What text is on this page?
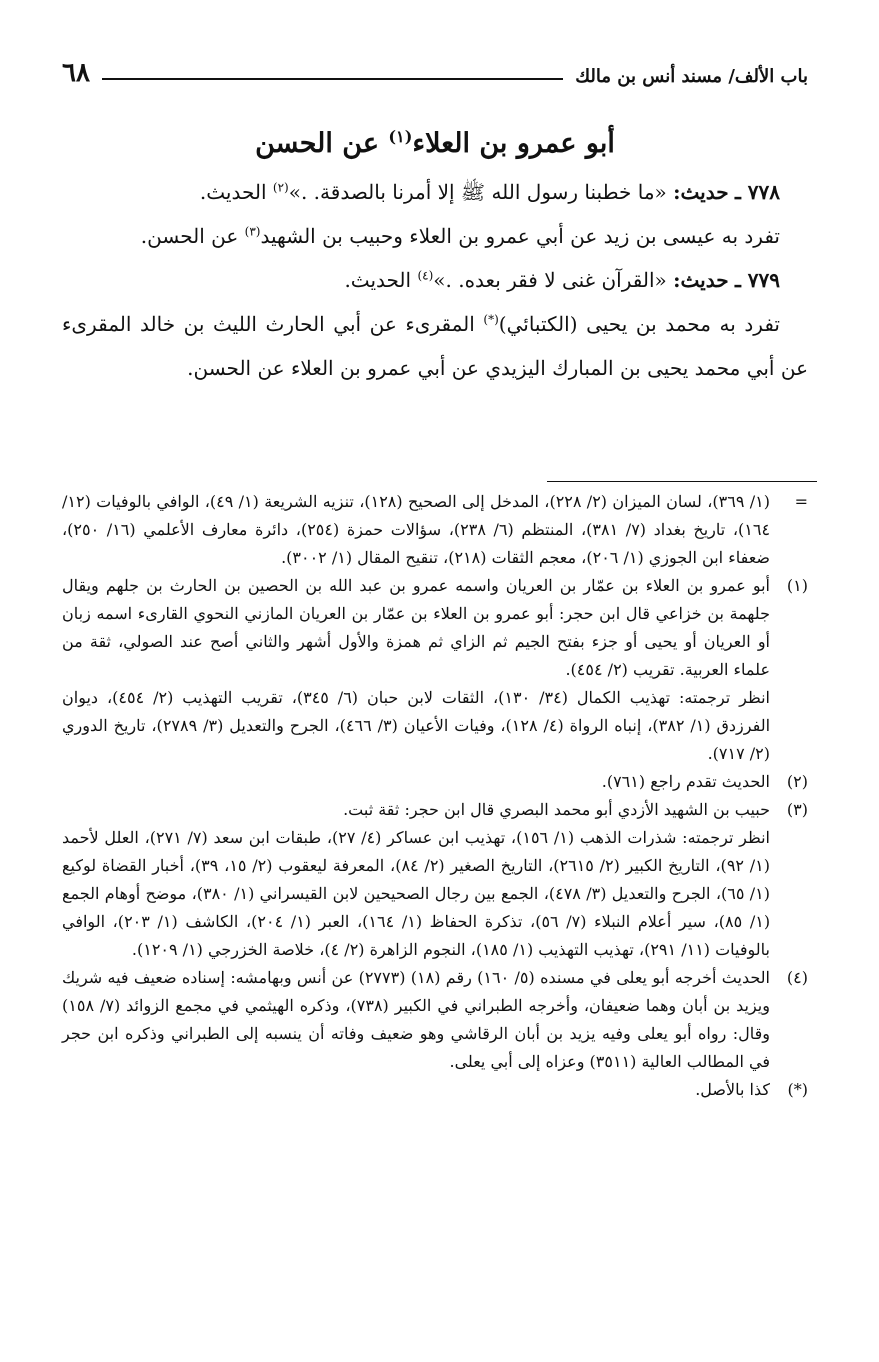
٦٨	باب الألف/ مسند أنس بن مالك
أبو عمرو بن العلاء$^{(١)}$ عن الحسن

٧٧٨ ـ حديث: «ما خطبنا رسول الله ﷺ إلا أمرنا بالصدقة. .»$^{(٢)}$ الحديث.

تفرد به عيسى بن زيد عن أبي عمرو بن العلاء وحبيب بن الشهيد$^{(٣)}$ عن الحسن.

٧٧٩ ـ حديث: «القرآن غنى لا فقر بعده. .»$^{(٤)}$ الحديث.

تفرد به محمد بن يحيى (الكتبائي)(*) المقرىء عن أبي الحارث الليث بن خالد المقرىء عن أبي محمد يحيى بن المبارك اليزيدي عن أبي عمرو بن العلاء عن الحسن.

=

(١/ ٣٦٩)، لسان الميزان (٢/ ٢٢٨)، المدخل إلى الصحيح (١٢٨)، تنزيه الشريعة (١/ ٤٩)، الوافي بالوفيات (١٢/ ١٦٤)، تاريخ بغداد (٧/ ٣٨١)، المنتظم (٦/ ٢٣٨)، سؤالات حمزة (٢٥٤)، دائرة معارف الأعلمي (١٦/ ٢٥٠)، ضعفاء ابن الجوزي (١/ ٢٠٦)، معجم الثقات (٢١٨)، تنقيح المقال (١/ ٣٠٠٢).

(١)

أبو عمرو بن العلاء بن عمّار بن العريان واسمه عمرو بن عبد الله بن الحصين بن الحارث بن جلهم ويقال جلهمة بن خزاعي قال ابن حجر: أبو عمرو بن العلاء بن عمّار بن العريان المازني النحوي القارىء اسمه زبان أو العريان أو يحيى أو جزء بفتح الجيم ثم الزاي ثم همزة والأول أشهر والثاني أصح عند الصولي، ثقة من علماء العربية. تقريب (٢/ ٤٥٤).

انظر ترجمته: تهذيب الكمال (٣٤/ ١٣٠)، الثقات لابن حبان (٦/ ٣٤٥)، تقريب التهذيب (٢/ ٤٥٤)، ديوان الفرزدق (١/ ٣٨٢)، إنباه الرواة (٤/ ١٢٨)، وفيات الأعيان (٣/ ٤٦٦)، الجرح والتعديل (٣/ ٢٧٨٩)، تاريخ الدوري (٢/ ٧١٧).

(٢)

الحديث تقدم راجع (٧٦١).

(٣)

حبيب بن الشهيد الأزدي أبو محمد البصري قال ابن حجر: ثقة ثبت.

انظر ترجمته: شذرات الذهب (١/ ١٥٦)، تهذيب ابن عساكر (٤/ ٢٧)، طبقات ابن سعد (٧/ ٢٧١)، العلل لأحمد (١/ ٩٢)، التاريخ الكبير (٢/ ٢٦١٥)، التاريخ الصغير (٢/ ٨٤)، المعرفة ليعقوب (٢/ ١٥، ٣٩)، أخبار القضاة لوكيع (١/ ٦٥)، الجرح والتعديل (٣/ ٤٧٨)، الجمع بين رجال الصحيحين لابن القيسراني (١/ ٣٨٠)، موضح أوهام الجمع (١/ ٨٥)، سير أعلام النبلاء (٧/ ٥٦)، تذكرة الحفاظ (١/ ١٦٤)، العبر (١/ ٢٠٤)، الكاشف (١/ ٢٠٣)، الوافي بالوفيات (١١/ ٢٩١)، تهذيب التهذيب (١/ ١٨٥)، النجوم الزاهرة (٢/ ٤)، خلاصة الخزرجي (١/ ١٢٠٩).

(٤)

الحديث أخرجه أبو يعلى في مسنده (٥/ ١٦٠) رقم (١٨) (٢٧٧٣) عن أنس وبهامشه: إسناده ضعيف فيه شريك ويزيد بن أبان وهما ضعيفان، وأخرجه الطبراني في الكبير (٧٣٨)، وذكره الهيثمي في مجمع الزوائد (٧/ ١٥٨) وقال: رواه أبو يعلى وفيه يزيد بن أبان الرقاشي وهو ضعيف وفاته أن ينسبه إلى الطبراني وذكره ابن حجر في المطالب العالية (٣٥١١) وعزاه إلى أبي يعلى.

(*)

كذا بالأصل.
